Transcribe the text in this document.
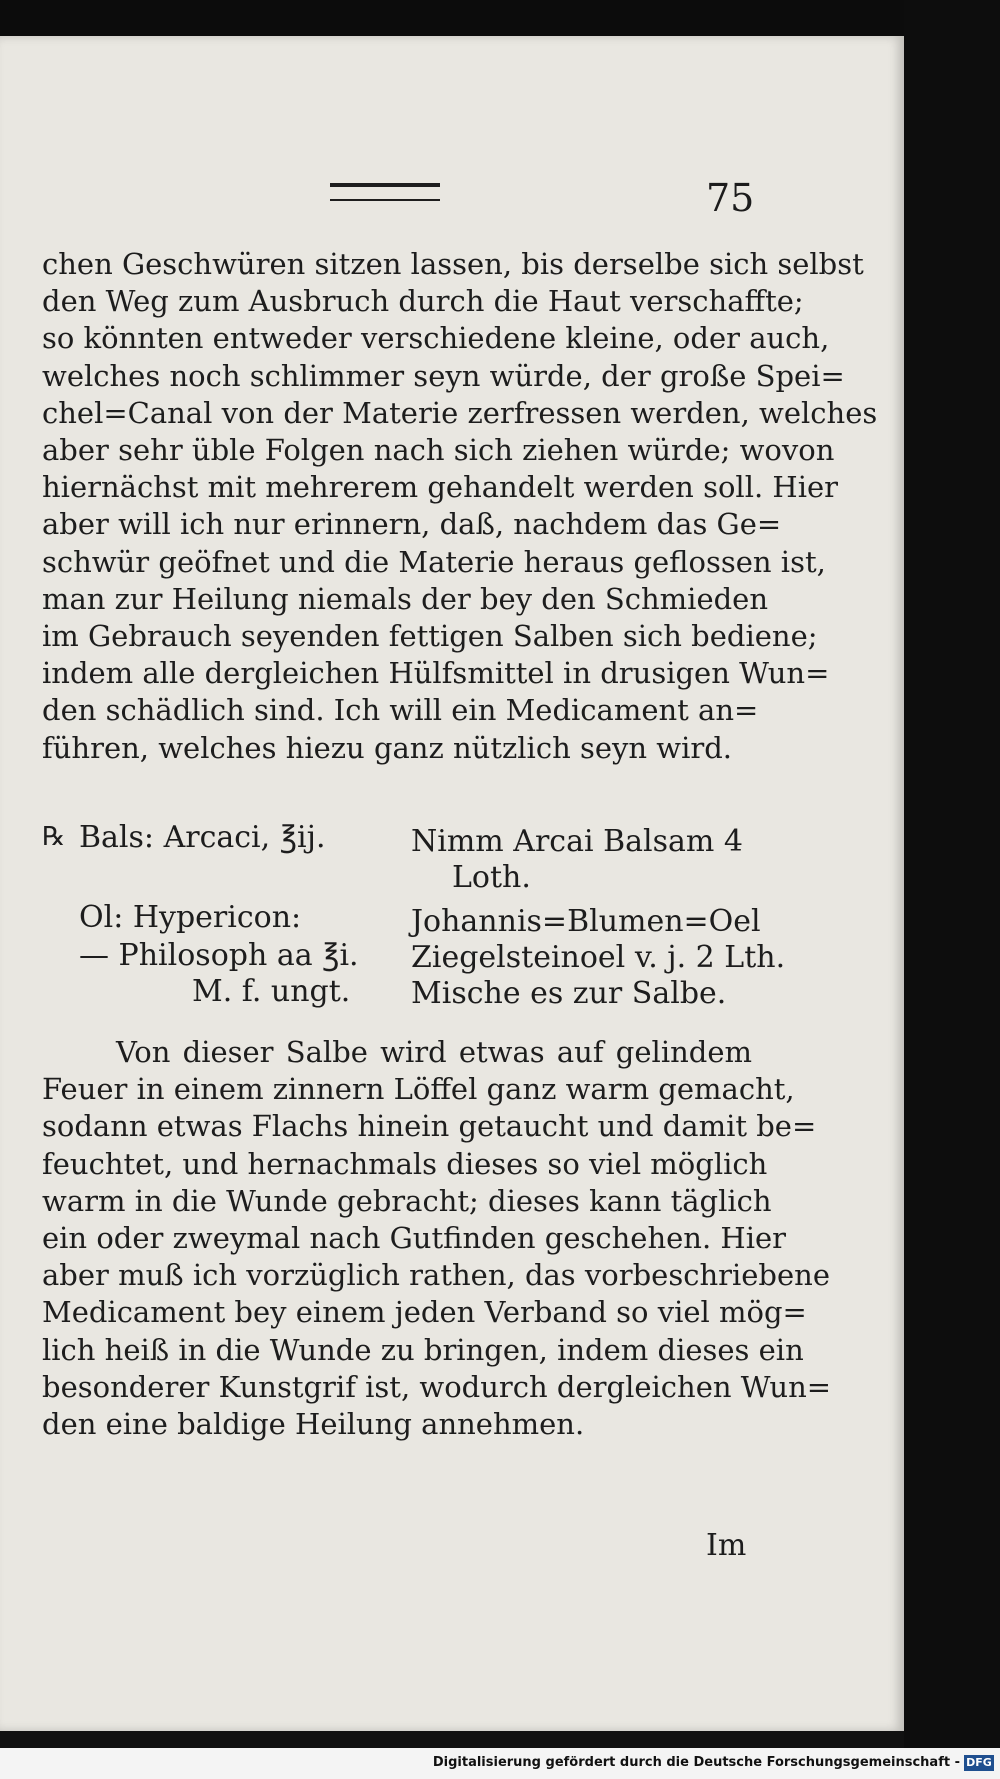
75
chen Geschwüren sitzen lassen, bis derselbe sich selbst
den Weg zum Ausbruch durch die Haut verschaffte;
so könnten entweder verschiedene kleine, oder auch,
welches noch schlimmer seyn würde, der große Spei=
chel=Canal von der Materie zerfressen werden, welches
aber sehr üble Folgen nach sich ziehen würde; wovon
hiernächst mit mehrerem gehandelt werden soll. Hier
aber will ich nur erinnern, daß, nachdem das Ge=
schwür geöfnet und die Materie heraus geflossen ist,
man zur Heilung niemals der bey den Schmieden
im Gebrauch seyenden fettigen Salben sich bediene;
indem alle dergleichen Hülfsmittel in drusigen Wun=
den schädlich sind. Ich will ein Medicament an=
führen, welches hiezu ganz nützlich seyn wird.
℞ Bals: Arcaci, ℥ij.	Nimm Arcai Balsam 4
Loth.
Ol: Hypericon:	Johannis=Blumen=Oel
— Philosoph aa ℥i. Ziegelsteinoel v. j. 2 Lth.
M. f. ungt. Mische es zur Salbe.
Von dieser Salbe wird etwas auf gelindem
Feuer in einem zinnern Löffel ganz warm gemacht,
sodann etwas Flachs hinein getaucht und damit be=
feuchtet, und hernachmals dieses so viel möglich
warm in die Wunde gebracht; dieses kann täglich
ein oder zweymal nach Gutfinden geschehen. Hier
aber muß ich vorzüglich rathen, das vorbeschriebene
Medicament bey einem jeden Verband so viel mög=
lich heiß in die Wunde zu bringen, indem dieses ein
besonderer Kunstgrif ist, wodurch dergleichen Wun=
den eine baldige Heilung annehmen.
Im
Digitalisierung gefördert durch die Deutsche Forschungsgemeinschaft - DFG
